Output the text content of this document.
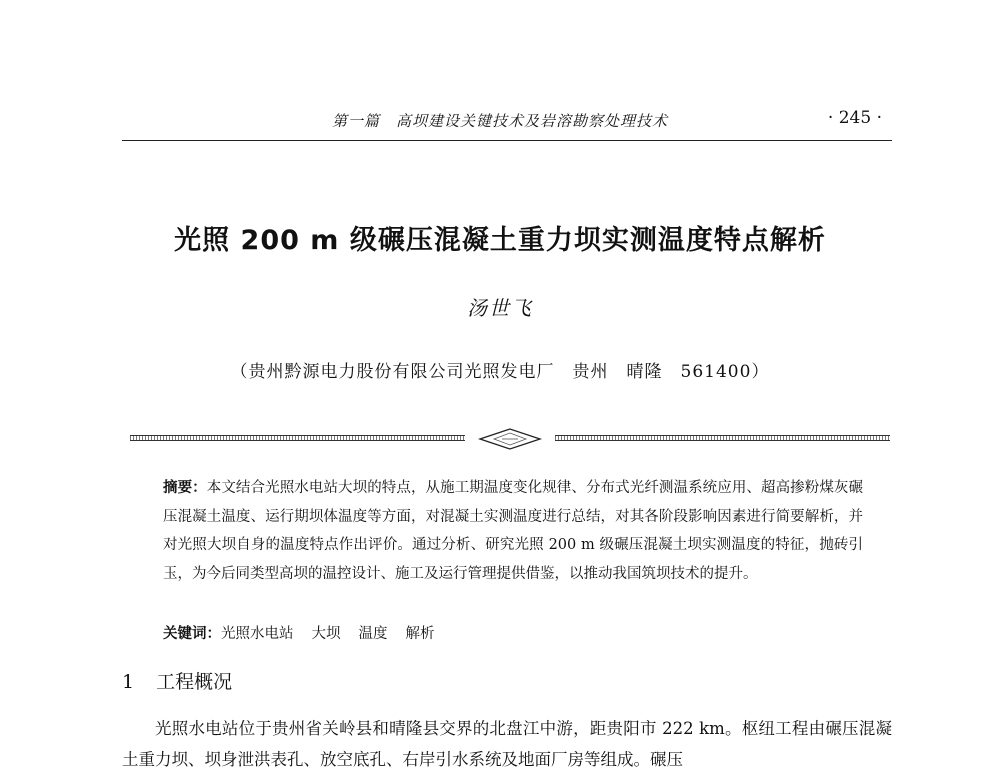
第一篇　高坝建设关键技术及岩溶勘察处理技术	· 245 ·
光照 200 m 级碾压混凝土重力坝实测温度特点解析
汤世飞
（贵州黔源电力股份有限公司光照发电厂　贵州　晴隆　561400）
摘要：本文结合光照水电站大坝的特点，从施工期温度变化规律、分布式光纤测温系统应用、超高掺粉煤灰碾压混凝土温度、运行期坝体温度等方面，对混凝土实测温度进行总结，对其各阶段影响因素进行简要解析，并对光照大坝自身的温度特点作出评价。通过分析、研究光照 200 m 级碾压混凝土坝实测温度的特征，抛砖引玉，为今后同类型高坝的温控设计、施工及运行管理提供借鉴，以推动我国筑坝技术的提升。
关键词：光照水电站 大坝 温度 解析
1 工程概况
光照水电站位于贵州省关岭县和晴隆县交界的北盘江中游，距贵阳市 222 km。枢纽工程由碾压混凝土重力坝、坝身泄洪表孔、放空底孔、右岸引水系统及地面厂房等组成。碾压
